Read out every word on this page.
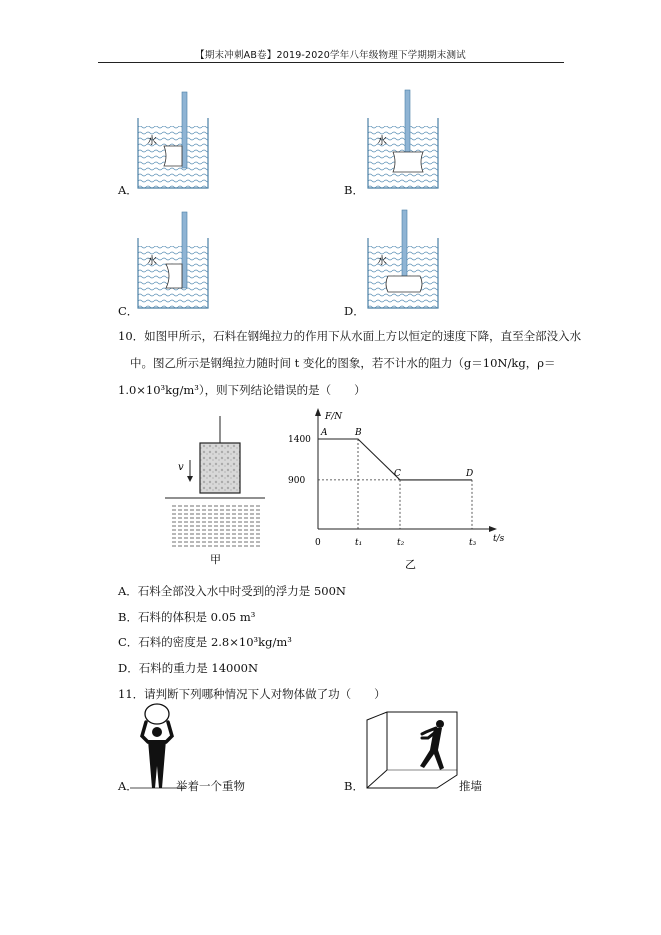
【期末冲刺AB卷】2019-2020学年八年级物理下学期期末测试
水
A．
水
B．
水
C．
水
D．
10．如图甲所示，石料在钢绳拉力的作用下从水面上方以恒定的速度下降，直至全部没入水
中。图乙所示是钢绳拉力随时间 t 变化的图象，若不计水的阻力（g＝10N/kg，ρ＝
1.0×10³kg/m³），则下列结论错误的是（　　）
v
甲
F/N
t/s
A	B
C	D
1400
900
0	t₁	t₂	t₃
乙
A．石料全部没入水中时受到的浮力是 500N
B．石料的体积是 0.05 m³
C．石料的密度是 2.8×10³kg/m³
D．石料的重力是 14000N
11．请判断下列哪种情况下人对物体做了功（　　）
A．	举着一个重物	B．	推墙
